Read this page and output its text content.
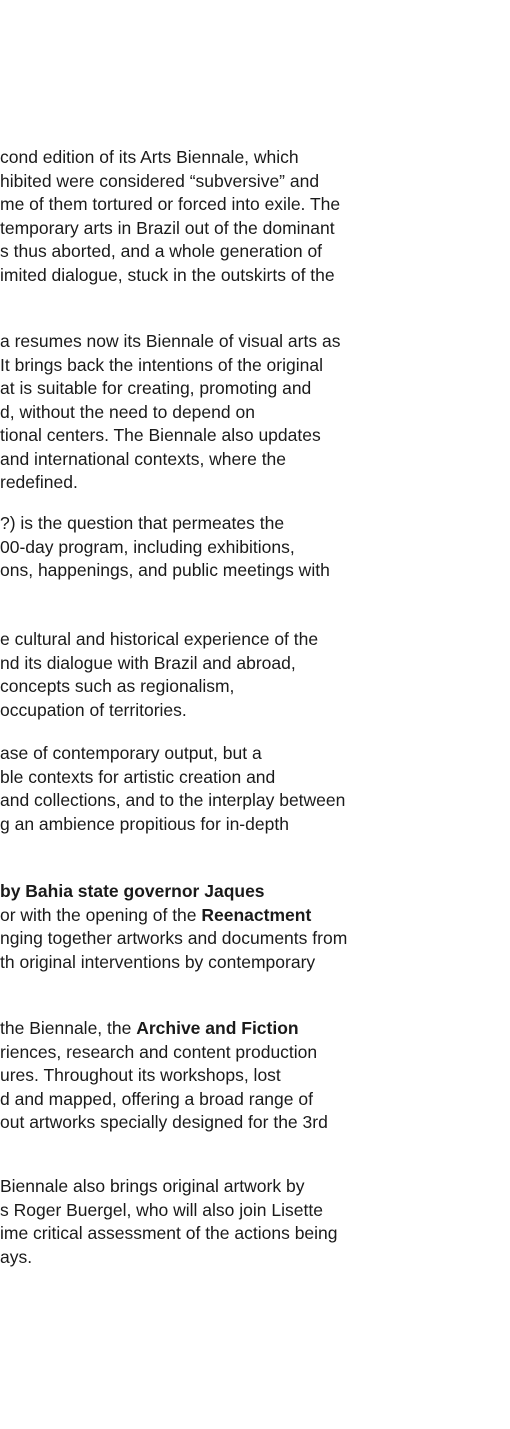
cond edition of its Arts Biennale, which
hibited were considered “subversive” and
me of them tortured or forced into exile. The
temporary arts in Brazil out of the dominant
s thus aborted, and a whole generation of
imited dialogue, stuck in the outskirts of the
a resumes now its Biennale of visual arts as
It brings back the intentions of the original
at is suitable for creating, promoting and
d, without the need to depend on
tional centers. The Biennale also updates
and international contexts, where the
redefined.
?) is the question that permeates the
00-day program, including exhibitions,
ons, happenings, and public meetings with
e cultural and historical experience of the
nd its dialogue with Brazil and abroad,
concepts such as regionalism,
occupation of territories.
ase of contemporary output, but a
ble contexts for artistic creation and
and collections, and to the interplay between
g an ambience propitious for in-depth
by Bahia state governor Jaques
or with the opening of the Reenactment
nging together artworks and documents from
th original interventions by contemporary
the Biennale, the Archive and Fiction
riences, research and content production
ures. Throughout its workshops, lost
d and mapped, offering a broad range of
out artworks specially designed for the 3rd
Biennale also brings original artwork by
s Roger Buergel, who will also join Lisette
ime critical assessment of the actions being
ays.
